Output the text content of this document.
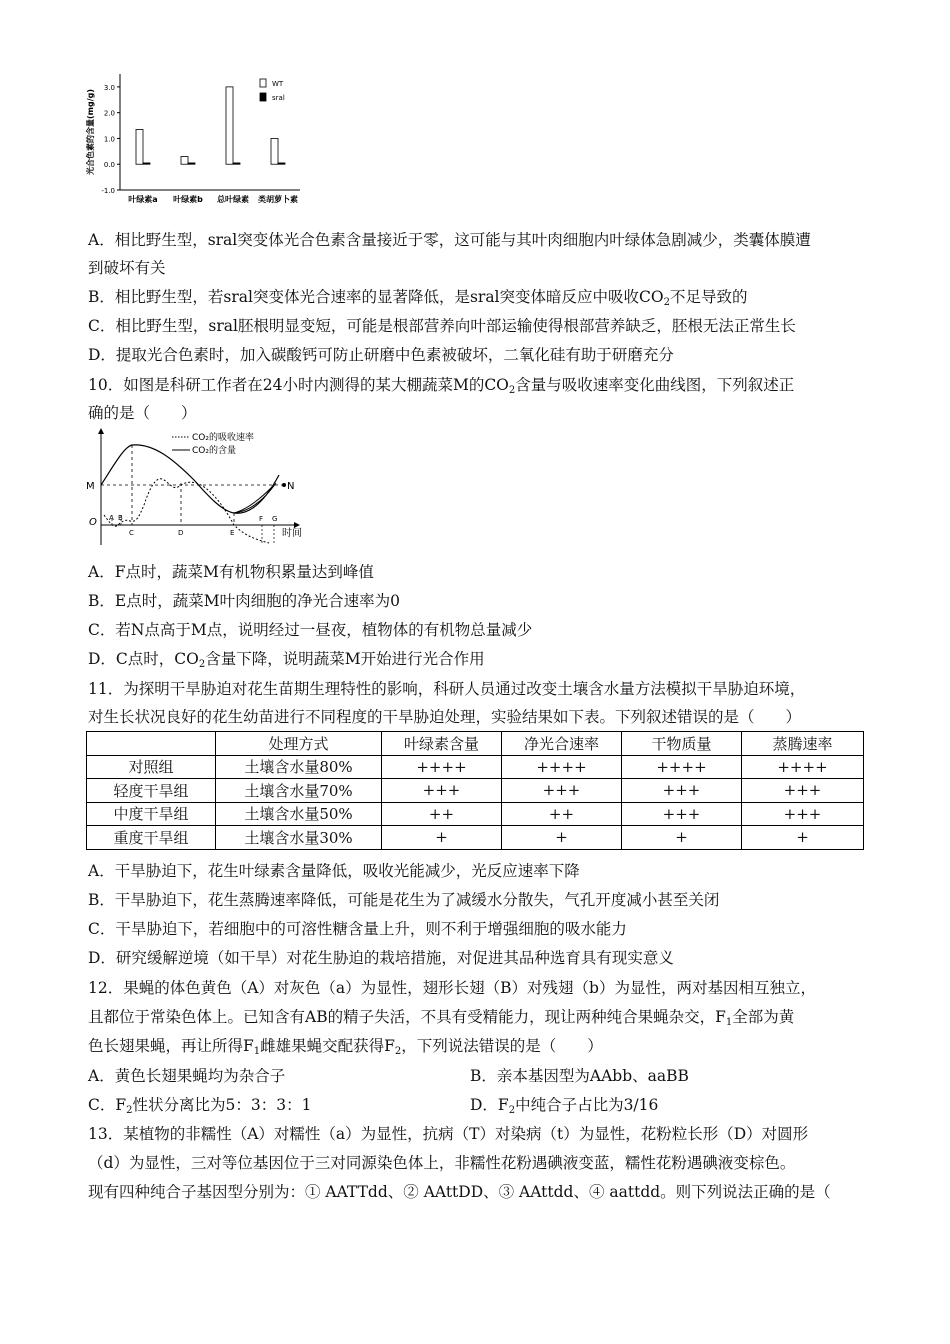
光合色素的含量(mg/g)
3.0
2.0
1.0
0.0
-1.0
叶绿素a 叶绿素b 总叶绿素 类胡萝卜素
WT
sral
A．相比野生型，sral突变体光合色素含量接近于零，这可能与其叶肉细胞内叶绿体急剧减少，类囊体膜遭
到破坏有关
B．相比野生型，若sral突变体光合速率的显著降低，是sral突变体暗反应中吸收$CO_2$不足导致的
C．相比野生型，sral胚根明显变短，可能是根部营养向叶部运输使得根部营养缺乏，胚根无法正常生长
D．提取光合色素时，加入碳酸钙可防止研磨中色素被破坏，二氧化硅有助于研磨充分
10．如图是科研工作者在24小时内测得的某大棚蔬菜M的$CO_2$含量与吸收速率变化曲线图，下列叙述正
确的是（　　）
M	N
O A B
C	D	E
F G
时间
CO₂的吸收速率
CO₂的含量
A．F点时，蔬菜M有机物积累量达到峰值
B．E点时，蔬菜M叶肉细胞的净光合速率为0
C．若N点高于M点，说明经过一昼夜，植物体的有机物总量减少
D．C点时，$CO_2$含量下降，说明蔬菜M开始进行光合作用
11．为探明干旱胁迫对花生苗期生理特性的影响，科研人员通过改变土壤含水量方法模拟干旱胁迫环境，
对生长状况良好的花生幼苗进行不同程度的干旱胁迫处理，实验结果如下表。下列叙述错误的是（　　）
	处理方式	叶绿素含量	净光合速率	干物质量	蒸腾速率
对照组	土壤含水量80%	++++	++++	++++	++++
轻度干旱组	土壤含水量70%	+++	+++	+++	+++
中度干旱组	土壤含水量50%	++	++	+++	+++
重度干旱组	土壤含水量30%	+	+	+	+
A．干旱胁迫下，花生叶绿素含量降低，吸收光能减少，光反应速率下降
B．干旱胁迫下，花生蒸腾速率降低，可能是花生为了减缓水分散失，气孔开度减小甚至关闭
C．干旱胁迫下，若细胞中的可溶性糖含量上升，则不利于增强细胞的吸水能力
D．研究缓解逆境（如干旱）对花生胁迫的栽培措施，对促进其品种选育具有现实意义
12．果蝇的体色黄色（A）对灰色（a）为显性，翅形长翅（B）对残翅（b）为显性，两对基因相互独立，
且都位于常染色体上。已知含有AB的精子失活，不具有受精能力，现让两种纯合果蝇杂交，$F_1$全部为黄
色长翅果蝇，再让所得$F_1$雌雄果蝇交配获得$F_2$，下列说法错误的是（　　）
A．黄色长翅果蝇均为杂合子	B．亲本基因型为AAbb、aaBB
C．$F_2$性状分离比为5：3：3：1	D．$F_2$中纯合子占比为3/16
13．某植物的非糯性（A）对糯性（a）为显性，抗病（T）对染病（t）为显性，花粉粒长形（D）对圆形
（d）为显性，三对等位基因位于三对同源染色体上，非糯性花粉遇碘液变蓝，糯性花粉遇碘液变棕色。
现有四种纯合子基因型分别为：① AATTdd、② AAttDD、③ AAttdd、④ aattdd。则下列说法正确的是（
